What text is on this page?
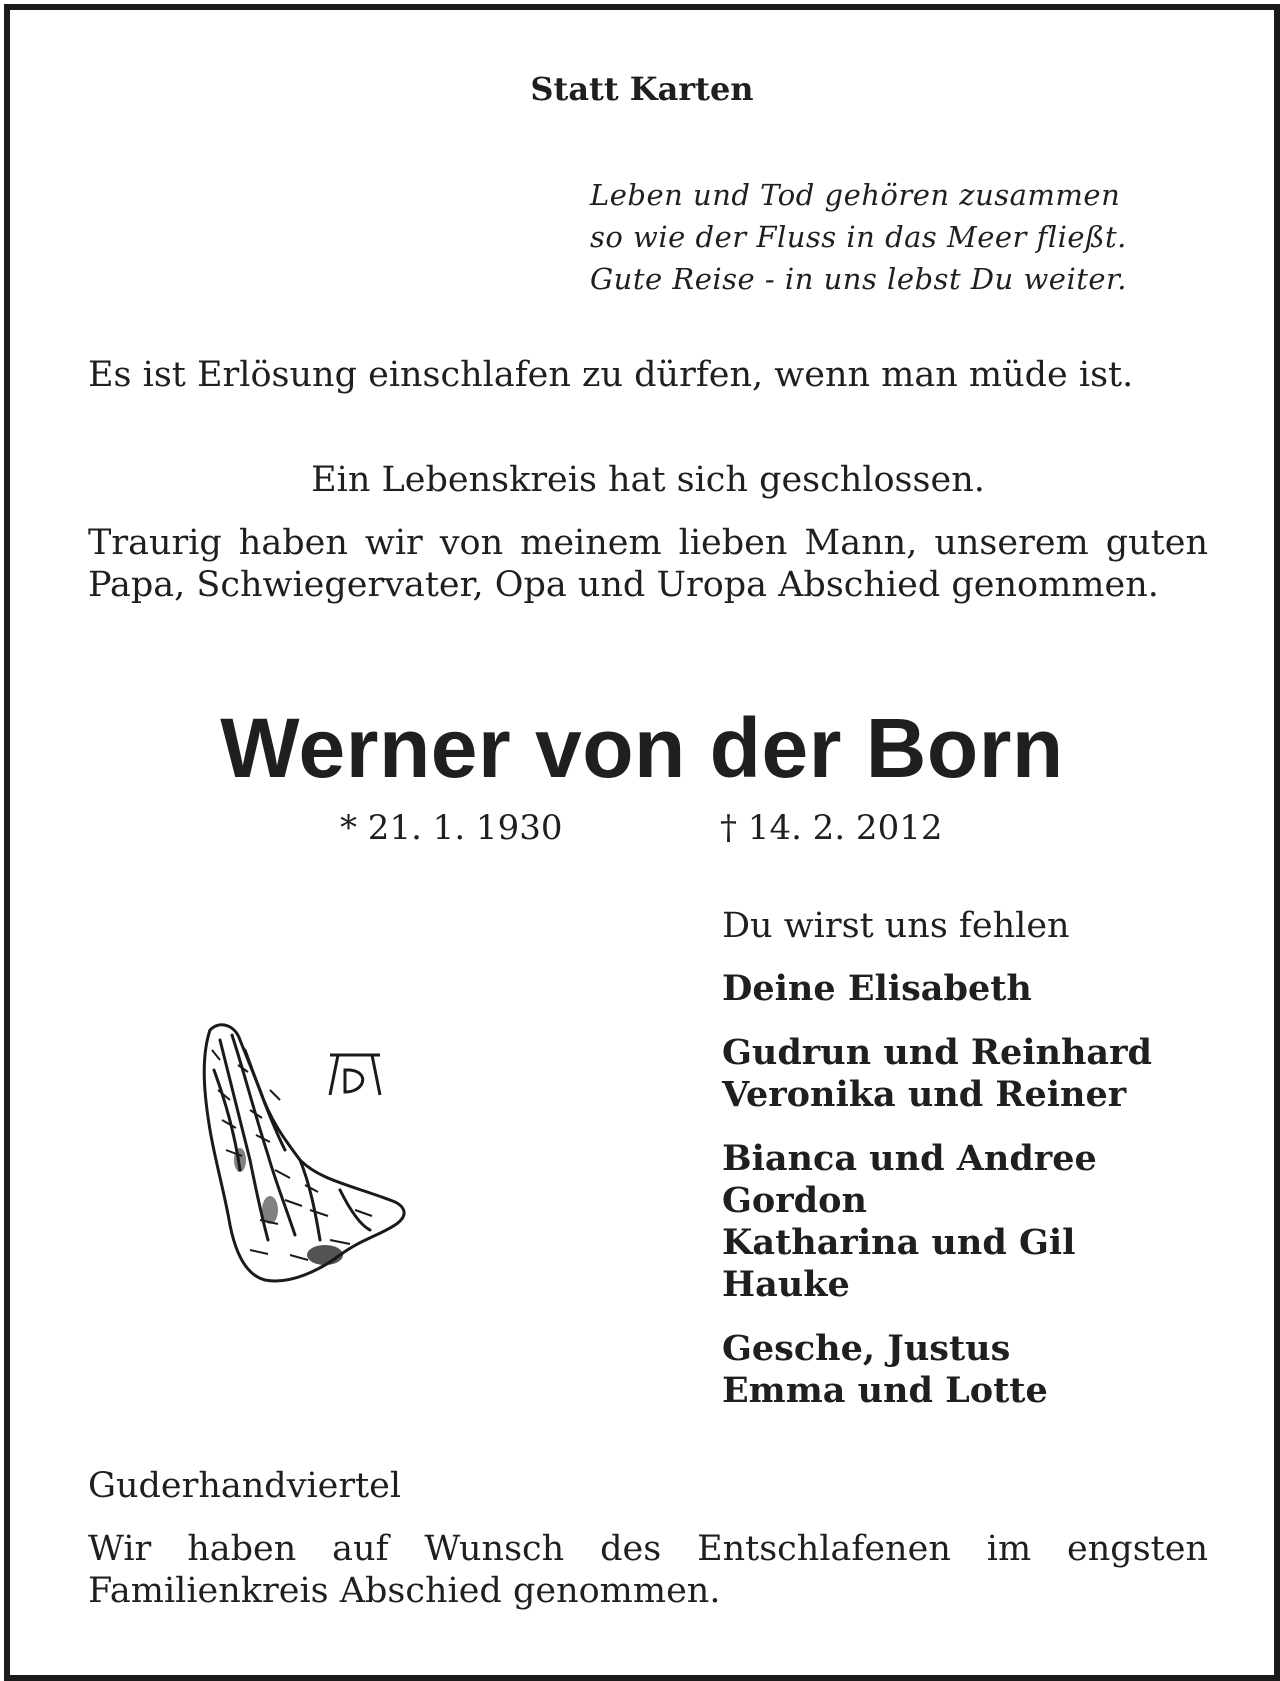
Statt Karten
Leben und Tod gehören zusammen
so wie der Fluss in das Meer fließt.
Gute Reise - in uns lebst Du weiter.
Es ist Erlösung einschlafen zu dürfen, wenn man müde ist.
Ein Lebenskreis hat sich geschlossen.
Traurig haben wir von meinem lieben Mann, unserem guten Papa, Schwiegervater, Opa und Uropa Abschied genommen.
Werner von der Born
* 21. 1. 1930	† 14. 2. 2012
AD
Du wirst uns fehlen
Deine Elisabeth
Gudrun und Reinhard
Veronika und Reiner
Bianca und Andree
Gordon
Katharina und Gil
Hauke
Gesche, Justus
Emma und Lotte
Guderhandviertel
Wir haben auf Wunsch des Entschlafenen im engsten Familienkreis Abschied genommen.
